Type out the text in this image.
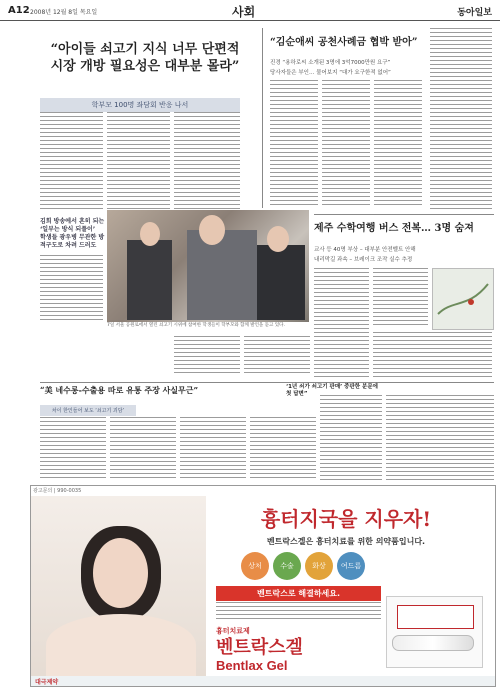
A12 2008년 12월 8일 목요일	사회	동아일보
“아이들 쇠고기 지식 너무 단편적
시장 개방 필요성은 대부분 몰라”
학부모 100명 좌담회 반응 나서
김희 방송에서 흔히 되는 ‘일부는 방식 되풀이’
학생들 광우병 무관한 방적구도로 차려 드러도
7일 서울 공원로에서 열린 쇠고기 시위에 참여한 학생들이 학부모와 함께 발언을 듣고 있다.
“김순애씨 공천사례금 협박 받아”
진경 “용하로씨 소개된 3명에 3억7000만원 요구”
당사자들은 부인… 물어보지 “대가 요구한적 없어”
제주 수학여행 버스 전복… 3명 숨져
교사 등 40명 부상 – 대부분 안전벨트 안해
내리막길 과속 – 브레이크 조작 실수 추정
“美 네수롱-수출용 따로 유통 주장 사실무근”	‘1년 쇠가 쇠고기 판매’ 중판한 분문에 첫 답변”
차이 한인들어 보도 ‘쇠고기 괴담’
광고문의 | 990-0035
흉터지국을 지우자!
벤트락스겔은 흉터치료를 위한 의약품입니다.
상처	수술	화상	여드름
벤트락스로 해결하세요.
흉터치료제
벤트락스겔
Bentlax Gel
대극제약
